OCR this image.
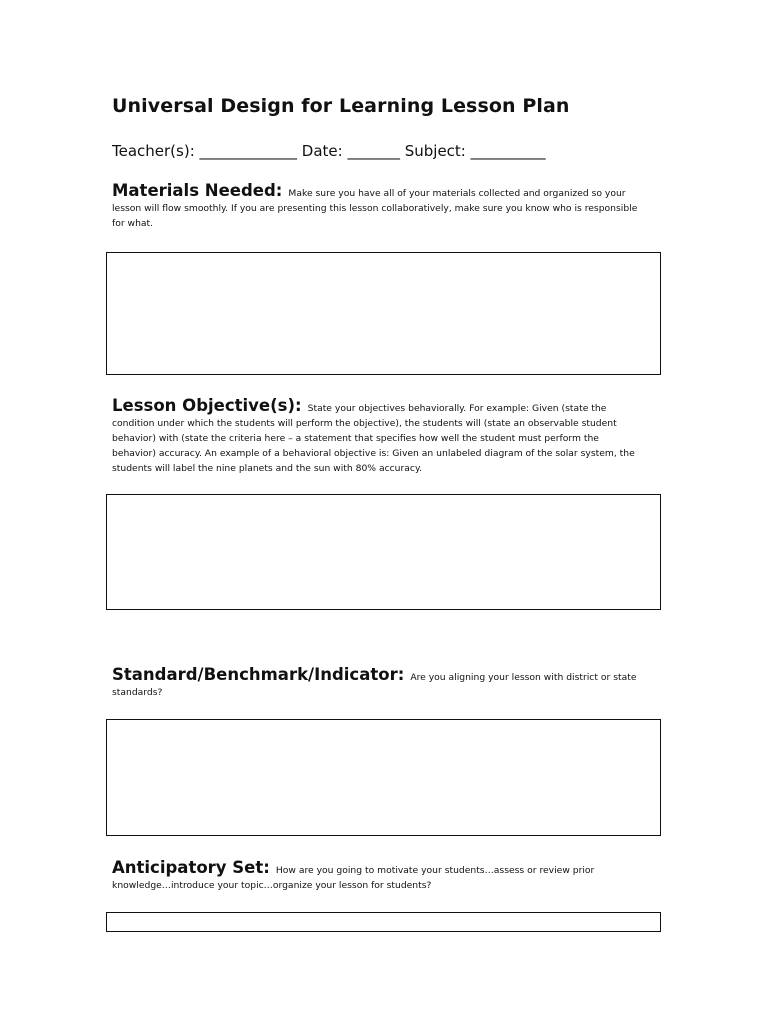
Universal Design for Learning Lesson Plan
Teacher(s): _____________ Date: _______ Subject: __________
Materials Needed: Make sure you have all of your materials collected and organized so your lesson will flow smoothly. If you are presenting this lesson collaboratively, make sure you know who is responsible for what.
Lesson Objective(s): State your objectives behaviorally. For example: Given (state the condition under which the students will perform the objective), the students will (state an observable student behavior) with (state the criteria here – a statement that specifies how well the student must perform the behavior) accuracy. An example of a behavioral objective is: Given an unlabeled diagram of the solar system, the students will label the nine planets and the sun with 80% accuracy.
Standard/Benchmark/Indicator: Are you aligning your lesson with district or state standards?
Anticipatory Set: How are you going to motivate your students…assess or review prior knowledge…introduce your topic…organize your lesson for students?
